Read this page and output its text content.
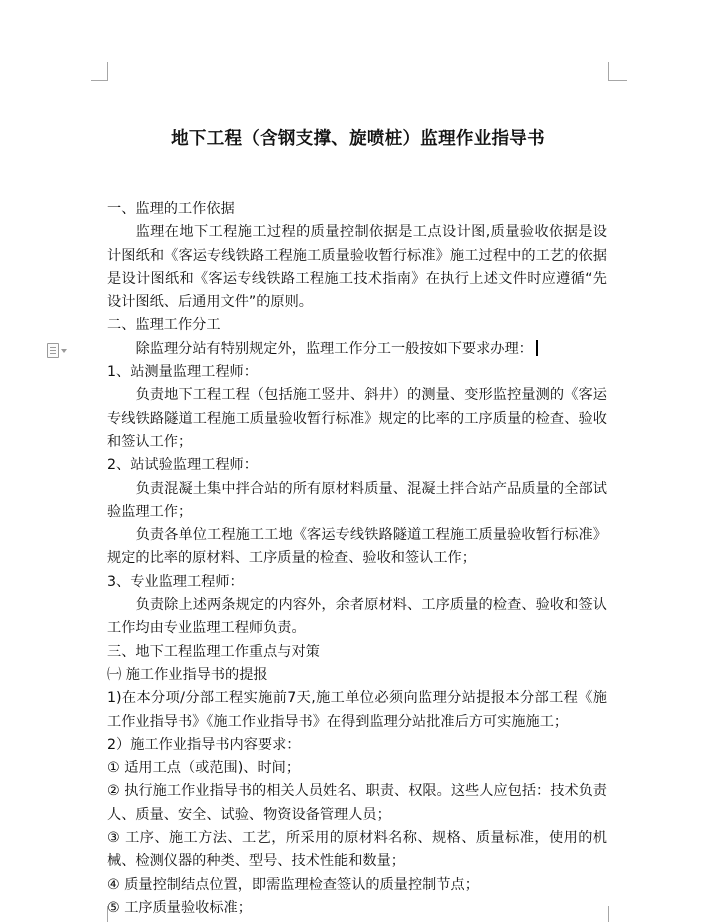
地下工程（含钢支撑、旋喷桩）监理作业指导书

一、监理的工作依据

监理在地下工程施工过程的质量控制依据是工点设计图,质量验收依据是设计图纸和《客运专线铁路工程施工质量验收暂行标准》施工过程中的工艺的依据是设计图纸和《客运专线铁路工程施工技术指南》在执行上述文件时应遵循“先设计图纸、后通用文件”的原则。

二、监理工作分工

除监理分站有特别规定外，监理工作分工一般按如下要求办理：

1、站测量监理工程师：

负责地下工程工程（包括施工竖井、斜井）的测量、变形监控量测的《客运专线铁路隧道工程施工质量验收暂行标准》规定的比率的工序质量的检查、验收和签认工作；

2、站试验监理工程师：

负责混凝土集中拌合站的所有原材料质量、混凝土拌合站产品质量的全部试验监理工作；

负责各单位工程施工工地《客运专线铁路隧道工程施工质量验收暂行标准》规定的比率的原材料、工序质量的检查、验收和签认工作；

3、专业监理工程师：

负责除上述两条规定的内容外，余者原材料、工序质量的检查、验收和签认工作均由专业监理工程师负责。

三、地下工程监理工作重点与对策

㈠ 施工作业指导书的提报

1)在本分项/分部工程实施前7天,施工单位必须向监理分站提报本分部工程《施工作业指导书》《施工作业指导书》在得到监理分站批准后方可实施施工；

2）施工作业指导书内容要求：

① 适用工点（或范围)、时间；

② 执行施工作业指导书的相关人员姓名、职责、权限。这些人应包括：技术负责人、质量、安全、试验、物资设备管理人员；

③ 工序、施工方法、工艺，所采用的原材料名称、规格、质量标准，使用的机械、检测仪器的种类、型号、技术性能和数量；

④ 质量控制结点位置，即需监理检查签认的质量控制节点；

⑤ 工序质量验收标准；
